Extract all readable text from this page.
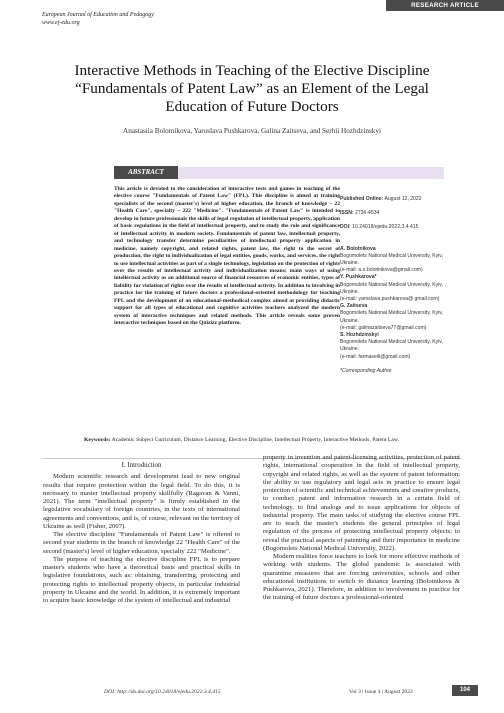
European Journal of Education and Pedagogy
www.ej-edu.org
RESEARCH ARTICLE
Interactive Methods in Teaching of the Elective Discipline “Fundamentals of Patent Law” as an Element of the Legal Education of Future Doctors
Anastasiia Bolotnikova, Yaroslava Pushkarova, Galina Zaitseva, and Serhii Hozhdzinskyi
ABSTRACT
This article is devoted to the consideration of interactive tests and games in teaching of the elective course "Fundamentals of Patent Law" (FPL). This discipline is aimed at training specialists of the second (master's) level of higher education, the branch of knowledge – 22 "Health Care", specialty – 222 "Medicine". "Fundamentals of Patent Law" is intended to develop in future professionals the skills of legal regulation of intellectual property, application of basic regulations in the field of intellectual property, and to study the role and significance of intellectual activity in modern society. Fundamentals of patent law, intellectual property, and technology transfer determine peculiarities of intellectual property application in medicine, namely copyright, and related rights, patent law, the right to the secret of production, the right to individualization of legal entities, goods, works, and services, the right to use intellectual activities as part of a single technology, legislation on the protection of rights over the results of intellectual activity and individualization means; main ways of using intellectual activity as an additional source of financial resources of economic entities, types of liability for violation of rights over the results of intellectual activity. In addition to involving in practice for the training of future doctors a professional-oriented methodology for teaching FPL and the development of an educational-methodical complex aimed at providing didactic support for all types of educational and cognitive activities teachers analyzed the modern system of interactive techniques and related methods. This article reveals some proven interactive techniques based on the Quizizz platform.
Published Online: August 12, 2022
ISSN: 2736-4534
DOI: 10.24018/ejedu.2022.3.4.415
A. Bolotnikova
Bogomolets National Medical University, Kyiv, Ukraine.
(e-mail: a.o.bolotnikova@gmail.com)
Y. Pushkarova*
Bogomolets National Medical University, Kyiv, Ukraine.
(e-mail: yaroslava.pushkarova@ gmail.com)
G. Zaitseva
Bogomolets National Medical University, Kyiv, Ukraine.
(e-mail: galinazaitseva77@gmail.com)
S. Hozhdzinskyi
Bogomolets National Medical University, Kyiv, Ukraine.
(e-mail: farmaseili@gmail.com)
*Corresponding Author
Keywords: Academic Subject Curriculum, Distance Learning, Elective Discipline, Intellectual Property, Interactive Methods, Patent Law.
I. Introduction

Modern scientific research and development lead to new original results that require protection within the legal field. To do this, it is necessary to master intellectual property skillfully (Ragavan & Vanni, 2021). The term "intellectual property" is firmly established in the legislative vocabulary of foreign countries, in the texts of international agreements and conventions, and is, of course, relevant on the territory of Ukraine as well (Fisher, 2007).

The elective discipline "Fundamentals of Patent Law" is offered to second year students in the branch of knowledge 22 "Health Care" of the second (master's) level of higher education, specialty 222 "Medicine".

The purpose of teaching the elective discipline FPL is to prepare master's students who have a theoretical basis and practical skills in legislative foundations, such as: obtaining, transferring, protecting and protecting rights to intellectual property objects, in particular industrial property in Ukraine and the world. In addition, it is extremely important to acquire basic knowledge of the system of intellectual and industrial

property in invention and patent-licensing activities, protection of patent rights, international cooperation in the field of intellectual property, copyright and related rights, as well as the system of patent information; the ability to use regulatory and legal acts in practice to ensure legal protection of scientific and technical achievements and creative products, to conduct patent and information research in a certain field of technology, to find analogs and to issue applications for objects of industrial property. The main tasks of studying the elective course FPL are to teach the master's students the general principles of legal regulation of the process of protecting intellectual property objects; to reveal the practical aspects of patenting and their importance in medicine (Bogomolets National Medical University, 2022).

Modern realities force teachers to look for more effective methods of working with students. The global pandemic is associated with quarantine measures that are forcing universities, schools and other educational institutions to switch to distance learning (Bolotnikova & Pushkarova, 2021). Therefore, in addition to involvement in practice for the training of future doctors a professional-oriented

DOI: http://dx.doi.org/10.24018/ejedu.2022.3.4.415	Vol 3 | Issue 4 | August 2022	104
